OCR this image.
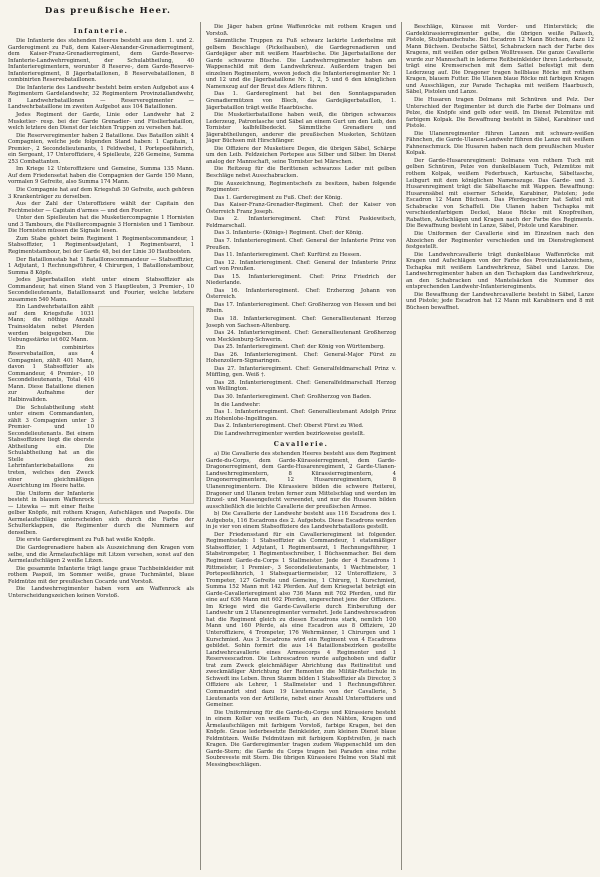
Das preußische Heer.
Infanterie.

Die Infanterie des stehenden Heeres besteht aus dem 1. und 2. Garderegiment zu Fuß, dem Kaiser-Alexander-Grenadierregiment, dem Kaiser-Franz-Grenadierregiment, dem Garde-Reserve-Infanterie-Landwehrregiment, der Schulabtheilung, 40 Infanterieregimentern, worunter 8 Reserve-, dem Garde-Reserve-Infanterieregiment, 8 Jägerbataillonen, 8 Reservebataillonen, 8 combinirten Reservebataillonen.

Die Infanterie des Landwehr besteht beim ersten Aufgebot aus 4 Regimentern Gardelandwehr, 32 Regimentern Provinziallandwehr, 8 Landwehrbataillonen — Reserveregimenter — Landwehrbataillone im zweiten Aufgebot aus 104 Bataillonen.

Jedes Regiment der Garde, Linie oder Landwehr hat 2 Musketier- resp. bei der Garde Grenadier- und Füsilierbataillon, welch letztere den Dienst der leichten Truppen zu versehen hat.

Die Reserveregimenter haben 2 Bataillone. Das Bataillon zählt 4 Compagnien, welche jede folgenden Stand haben: 1 Capitain, 1 Premier-, 2 Secondelieutenants, 1 Feldwebel, 1 Portepeefähnrich, ein Sergeant, 17 Unteroffiziere, 4 Spielleute, 226 Gemeine, Summa 253 Combattanten.

Im Kriege 12 Unteroffiziere und Gemeine, Summa 135 Mann. Auf dem Friedensetat haben die Compagnien der Garde 150 Mann, vormalen 9 Gefreite, also Summa 174 Mann.

Die Compagnie hat auf dem Kriegsfuß 30 Gefreite, auch gehören 3 Krankenträger zu derselben.

Aus der Zahl der Unteroffiziere wählt der Capitain den Fechtmeister — Capitain d'armes — und den Fourier.

Unter den Spielleuten hat die Musketiercompagnie 1 Hornisten und 3 Tambours, die Füsiliercompagnie 3 Hornisten und 1 Tambour. Die Hornisten müssen die Signale lesen.

Zum Stabe gehört beim Regiment 1 Regimentscommandeur, 1 Stabsoffizier, 1 Regimentsadjutant, 1 Regimentsarzt, 1 Regimentstambour, bei der Garde 48, bei der Linie 30 Hautboisten.

Der Bataillonsstab hat 1 Bataillonscommandeur — Stabsoffizier, 1 Adjutant, 1 Rechnungsführer, 4 Chirurgen, 1 Bataillonstambour, Summa 8 Köpfe.

Jedes Jägerbataillon steht unter einem Stabsoffizier als Commandeur, hat einen Stand von 3 Hauptleuten, 3 Premier-, 10 Secondelieutenants, Bataillonsarzt und Fourier, welche letztere zusammen 540 Mann.

Ein Landwehrbataillon zählt auf dem Kriegsfuße 1031 Mann; die nöthige Anzahl Trainsoldaten nebst Pferden werden beigegeben. Die Uebungsstärke ist 602 Mann.

Ein combinirtes Reservebataillon, aus 4 Compagnien, zählt 401 Mann, davon 1 Stabsoffizier als Commandeur, 4 Premier-, 10 Secondelieutenants, Total 416 Mann. Diese Bataillone dienen zur Aufnahme der Halbinvaliden.

Die Schulabtheilung steht unter einem Commandanten, zählt 3 Compagnien unter 3 Premier- und 10 Secondelieutenants. Bei einem Stabsoffiziere liegt die oberste Abtheilung ein. Die Schulabtheilung hat an die Stelle des Lehrinfanteriebataillons zu treten, welches den Zweck einer gleichmäßigen Ausrichtung im Heere hatte.

Die Uniform der Infanterie besteht in blauem Waffenrock — Litewka — mit einer Reihe gelber Knöpfe, mit rothem Kragen, Aufschlägen und Paspoils. Die Aermelaufschläge unterscheiden sich durch die Farbe der Schulterklappen, die Regimenter durch die Nummern auf denselben.

Die erste Garderegiment zu Fuß hat weiße Knöpfe.

Die Gardegrenadiere haben als Auszeichnung den Kragen vom selbe, und die Ärmelaufschläge mit Litzen versehen, sonst auf den Aermelaufschlägen 2 weiße Litzen.

Die gesammte Infanterie trägt lange graue Tuchbeinkleider mit rothem Paspoil, im Sommer weiße, graue Tuchmäntel, blaue Feldmütze mit der preußischen Cocarde und Vorstoß.

Die Landwehrregimenter haben vorn am Waffenrock als Unterscheidungszeichen keinen Vorstoß.

Die Jäger haben grüne Waffenröcke mit rothem Kragen und Vorstoß.

Sämmtliche Truppen zu Fuß schwarz lackirte Lederhelme mit gelbem Beschlage (Pickelhauben), die Gardegrenadieren und Gardejäger aber mit weißem Haarbüsche. Die Jägerbataillone der Garde schwarze Büsche. Die Landwehrregimenter haben am Wappenschild mit dem Landwehrkreuz. Außerdem tragen bei einzelnen Regimentern, wovon jedoch die Infanterieregimenter Nr. 1 und 12 und die Jägerbataillone Nr. 1, 2, 5 und 6 den königlichen Namenszug auf der Brust des Adlers führen.

Das 1. Gardereglment hat bei den Sonntagsparaden Grenadiermützen von Blech, das Gardejägerbataillon, 1. Jägerbataillon trägt weiße Haarbüsche.

Die Musketierbataillone haben weiß, die übrigen schwarzes Lederzeug, Patrontasche und Säbel an einem Gurt um den Leib, den Tornister kalbfellbedeckt. Sämmtliche Grenadiere und Jägerabtheilungen, anderer die preußischen Musketen, Schützen Jäger Büchsen mit Hirschfänger.

Die Offiziere der Musketiere Degen, die übrigen Säbel, Schärpe um den Leib. Feldzeichen Portepee aus Silber und Silber. Im Dienst analog der Mannschaft, seine Tornister bei Märschen.

Die Reitzeug für die Berittenen schwarzes Leder mit gelben Beschläge nebst Ausschabracken.

Die Auszeichnung, Regimentschefs zu besitzen, haben folgende Regimenter:

Das 1. Garderegiment zu Fuß. Chef: der König.

Das Kaiser-Franz-Grenadier-Regiment. Chef: der Kaiser von Österreich Franz Joseph.

Das 2. Infanterieregiment. Chef: Fürst Paskiewitsch, Feldmarschall.

Das 3. Infanterie- (Königs-) Regiment. Chef: der König.

Das 7. Infanterieregiment. Chef: General der Infanterie Prinz von Preußen.

Das 11. Infanterieregiment. Chef: Kurfürst zu Hessen.

Das 12. Infanterieregiment. Chef: General der Infanterie Prinz Carl von Preußen.

Das 15. Infanterieregiment. Chef: Prinz Friedrich der Niederlande.

Das 16. Infanterieregiment. Chef: Erzherzog Johann von Österreich.

Das 17. Infanterieregiment. Chef: Großherzog von Hessen und bei Rhein.

Das 18. Infanterieregiment. Chef: Generallieutenant Herzog Joseph von Sachsen-Altenburg.

Das 24. Infanterieregiment. Chef: Generallieutenant Großherzog von Mecklenburg-Schwerin.

Das 25. Infanterieregiment. Chef: der König von Württemberg.

Das 26. Infanterieregiment. Chef: General-Major Fürst zu Hohenzollern-Sigmaringen.

Das 27. Infanterieregiment. Chef: Generalfeldmarschall Prinz v. Müffling, gen. Weiß †.

Das 28. Infanterieregiment. Chef: Generalfeldmarschall Herzog von Wellington.

Das 30. Infanterieregiment. Chef: Großherzog von Baden.

In die Landwehr:

Das 1. Infanterieregiment. Chef: Generallieutenant Adolph Prinz zu Hohenlohe-Ingelfingen.

Das 2. Infanterieregiment. Chef: Oberst Fürst zu Wied.

Die Landwehrregimenter werden bezirksweise gestellt.

Cavallerie.

a) Die Cavallerie des stehenden Heeres besteht aus dem Regiment Garde-du-Corps, dem Garde-Kürassierregiment, dem Garde-Dragonerregiment, dem Garde-Husarenregiment, 2 Garde-Ulanen-Landwehrregimentern, 8 Kürassierregimentern, 4 Dragonerregimentern, 12 Husarenregimentern, 8 Ulanenregimentern. Die Kürassiere bilden die schwere Reiterei, Dragoner und Ulanen treten ferner zum Mittelschlag und werden im Einzel- und Massengefecht verwendet, und nur die Husaren bilden ausschließlich die leichte Cavallerie der preußischen Armee.

b) Die Cavallerie der Landwehr besteht aus 116 Escadrons des I. Aufgebots, 116 Escadrons des 2. Aufgebots. Diese Escadrons werden in je vier von einem Stabsoffiziere des Landwehrbataillons gestellt.

Der Friedensstand für ein Cavallerieregiment ist folgender. Regimentsstab: 1 Stabsoffizier als Commandeur, 1 etatsmäßiger Stabsoffizier, 1 Adjutant, 1 Regimentsarzt, 1 Rechnungsführer, 1 Stabstrompeter, 1 Regimentsschreiber, 1 Büchsenmacher. Bei dem Regiment Garde-du-Corps 1 Stallmeister. Jede der 4 Escadrons 1 Rittmeister, 1 Premier-, 3 Secondelieutenants, 1 Wachtmeister, 1 Portepeefähnrich, 1 Stabsquartiermeister, 12 Unteroffiziere, 3 Trompeter, 127 Gefreite und Gemeine, 1 Chirurg, 1 Kurschmied, Summa 152 Mann mit 142 Pferden. Auf dem Kriegsetat beträgt ein Garde-Cavallerieregiment also 736 Mann mit 702 Pferden, und für eine auf 636 Mann mit 602 Pferden, ungerechnet jene der Offiziere. Im Kriege wird die Garde-Cavallerie durch Einberufung der Landwehr um 2 Ulanenregimenter vermehrt. Jede Landwehrescadron hat die Regiment gleich zu diesen Escadrons stark, nemlich 100 Mann und 160 Pferde, als eine Escadron aus 8 Offiziere, 20 Unteroffiziere, 4 Trompeter, 176 Wehrmänner, 1 Chirurgen und 1 Kurschmied. Aus 3 Escadrons wird ein Regiment von 4 Escadrons gebildet. Sohin formirt die aus 14 Bataillonsbezirken gestellte Landwehrcavallerie eines Armeecorps 4 Regimenter und 1 Reserveescadron. Die Lehrescadron wurde aufgehoben und dafür trat zum Zweck gleichmäßiger Abrichtung das Reitinstitut und zweckmäßiger Abrichtung der Remonten die Militär-Reitschule in Schwedt ins Leben. Ihren Stamm bilden 1 Stabsoffizier als Director, 3 Offiziere als Lehrer, 1 Stallmeister und 1 Rechnungsführer. Commandirt sind dazu 19 Lieutenants von der Cavallerie, 5 Lieutenants von der Artillerie, nebst einer Anzahl Unteroffiziere und Gemeiner.

Die Uniformirung für die Garde-du-Corps und Kürassiere besteht in einem Koller von weißem Tuch, an den Nähten, Kragen und Ärmelaufschlägen mit farbigem Vorstoß, farbige Kragen, bei den Knöpfe. Graue lederbesetzte Beinkleider, zum kleinen Dienst blaue Feldmützen. Weiße Feldmützen mit farbigem Kopfstreifen, je nach Kragen. Die Garderegimenter tragen zudem Wappenschild um den Garde-Stern; die Garde du Corps tragen bei Paraden eine rothe Soubreveste mit Stern. Die übrigen Kürassiere Helme von Stahl mit Messingbeschlägen.

Beschläge, Kürasse mit Vorder- und Hinterstück; die Gardekürassierregimenter gelbe, die übrigen weiße Pallasch, Pistole, Stulphandschuhe. Bei Escadron 12 Mann Büchsen, dazu 12 Mann Büchsen. Deutsche Sättel, Schabracken nach der Farbe des Kragens, mit weißen oder gelben Wolltressen. Die ganze Cavallerie wurde zur Mannschaft in lederne Reitbeinkleider ihren Lederbesatz, trägt eine Kremserschen mit dem Sattel befestigt mit dem Lederzeug auf. Die Dragoner tragen hellblaue Röcke mit rothem Kragen, blauem Futter. Die Ulanen blaue Röcke mit farbigen Kragen und Ausschlägen, zur Parade Tschapka mit weißem Haarbusch, Säbel, Pistolen und Lanze.

Die Husaren tragen Dolmans mit Schnüren und Pelz. Der Unterschied der Regimenter ist durch die Farbe der Dolmans und Pelze, die Knöpfe sind gelb oder weiß. Im Dienst Pelzmütze mit farbigem Kolpak. Die Bewaffnung besteht in Säbel, Karabiner und Pistole.

Die Ulanenregimenter führen Lanzen mit schwarz-weißen Fähnchen, die Garde-Ulanen-Landwehr führen die Lanze mit weißem Fahnenschmuck. Die Husaren haben nach dem preußischen Muster Kolpak.

Der Garde-Husarenregiment: Dolmans von rothem Tuch mit gelben Schnüren, Pelze von dunkelblauem Tuch, Pelzmütze mit rothem Kolpak, weißem Federbusch, Kartusche, Säbeltasche, Leibgurt mit dem königlichen Namenszuge. Das Garde- und 3. Husarenregiment trägt die Säbeltasche mit Wappen. Bewaffnung: Husarensäbel mit eiserner Scheide, Karabiner, Pistolen; jede Escadron 12 Mann Büchsen. Das Pferdegeschirr hat Sattel mit Schabracke von Schaffell. Die Ulanen haben Tschapka mit verschiedenfarbigem Deckel, blaue Röcke mit Knopfreihen, Rabatten, Aufschlägen und Kragen nach der Farbe des Regiments. Die Bewaffnung besteht in Lanze, Säbel, Pistole und Karabiner.

Die Uniformen der Cavallerie sind im Einzelnen nach den Abzeichen der Regimenter verschieden und im Dienstreglement festgestellt.

Die Landwehrcavallerie trägt dunkelblaue Waffenröcke mit Kragen und Aufschlägen von der Farbe des Provinzialabzeichens, Tschapka mit weißem Landwehrkreuz, Säbel und Lanze. Die Landwehrregimenter haben an den Tschapken das Landwehrkreuz, an den Schabracken und Mantelsäcken die Nummer des entsprechenden Landwehr-Infanterieregiments.

Die Bewaffnung der Landwehrcavallerie besteht in Säbel, Lanze und Pistole; jede Escadron hat 12 Mann mit Karabinern und 8 mit Büchsen bewaffnet.
